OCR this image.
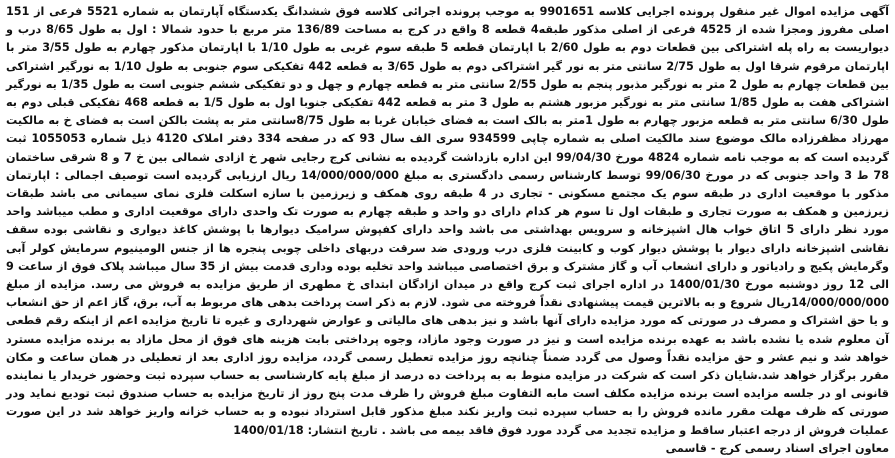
آگهی مزایده اموال غیر منقول پرونده اجرایی کلاسه 9901651 به موجب پرونده اجرائی کلاسه فوق ششدانگ یکدستگاه آپارتمان به شماره 5521 فرعی از 151 اصلی مفروز ومجزا شده از 4525 فرعی از اصلی مذکور طبقه4 قطعه 8 واقع در کرج به مساحت 136/89 متر مربع با حدود شمالا : اول به طول 8/65 درب و دیواریست به راه پله اشتراکی بین قطعات دوم به طول 2/60 با اپارتمان قطعه 5 طبقه سوم غربی به طول 1/10 با اپارتمان مذکور چهارم به طول 3/55 متر با اپارتمان مرقوم شرقا اول به طول 2/75 سانتی متر به نور گیر اشتراکی دوم به طول 3/65 به قطعه 442 تفکیکی سوم جنوبی به طول 1/10 به نورگیر اشتراکی بین قطعات چهارم به طول 2 متر به نورگیر مذبور پنجم به طول 2/55 سانتی متر به قطعه چهارم و چهل و دو تفکیکی ششم جنوبی است به طول 1/35 به نورگیر اشتراکی هفت به طول 1/85 سانتی متر به نورگیر مزبور هشتم به طول 3 متر به قطعه 442 تفکیکی جنوبا اول به طول 1/5 به قطعه 468 تفکیکی قبلی دوم به طول 6/30 سانتی متر به قطعه مزبور چهارم به طول 1متر به بالک است به فضای خیابان غربا به طول 8/75سانتی متر به پشت بالکن است به فضای خ به مالکیت مهرزاد مظفرزاده مالک موضوع سند مالکیت اصلی به شماره چاپی 934599 سری الف سال 93 که در صفحه 334 دفتر املاک 4120 ذیل شماره 1055053 ثبت گردیده است که به موجب نامه شماره 4824 مورخ 99/04/30 این اداره بازداشت گردیده به نشانی کرج رجایی شهر خ ازادی شمالی بین خ 7 و 8 شرقی ساختمان 78 ط 3 واحد جنوبی که در مورخ 99/06/30 توسط کارشناس رسمی دادگستری به مبلغ 14/000/000/000 ریال ارزیابی گردیده است توصیف اجمالی : اپارتمان مذکور با موقعیت اداری در طبقه سوم یک مجتمع مسکونی - تجاری در 4 طبقه روی همکف و زیرزمین با سازه اسکلت فلزی نمای سیمانی می باشد طبقات زیرزمین و همکف به صورت تجاری و طبقات اول تا سوم هر کدام دارای دو واحد و طبقه چهارم به صورت تک واحدی دارای موقعیت اداری و مطب میباشد واحد مورد نظر دارای 5 اتاق خواب هال اشپزخانه و سرویس بهداشتی می باشد واحد دارای کفپوش سرامیک دیوارها با پوشش کاغذ دیواری و نقاشی بوده سقف نقاشی اشپزخانه دارای دیوار با پوشش دیوار کوب و کابینت فلزی درب ورودی ضد سرقت دربهای داخلی چوبی پنجره ها از جنس الومینیوم سرمایش کولر آبی وگرمایش پکیج و رادیاتور و دارای انشعاب آب و گاز مشترک و برق اختصاصی میباشد واحد تخلیه بوده وداری قدمت بیش از 35 سال میباشد پلاک فوق از ساعت 9 الی 12 روز دوشنبه مورخ 1400/01/30 در اداره اجرای ثبت کرج واقع در میدان ازادگان ابتدای خ مطهری از طریق مزایده به فروش می رسد. مزایده از مبلغ 14/000/000/000ریال شروع و به بالاترین قیمت پیشنهادی نقداً فروخته می شود. لازم به ذکر است پرداخت بدهی های مربوط به آب، برق، گاز اعم از حق انشعاب و یا حق اشتراک و مصرف در صورتی که مورد مزایده دارای آنها باشد و نیز بدهی های مالیاتی و عوارض شهرداری و غیره تا تاریخ مزایده اعم از اینکه رقم قطعی آن معلوم شده یا نشده باشد به عهده برنده مزایده است و نیز در صورت وجود مازاد، وجوه پرداختی بابت هزینه های فوق از محل مازاد به برنده مزایده مسترد خواهد شد و نیم عشر و حق مزایده نقداً وصول می گردد ضمناً چنانچه روز مزایده تعطیل رسمی گردد، مزایده روز اداری بعد از تعطیلی در همان ساعت و مکان مقرر برگزار خواهد شد.شایان ذکر است که شرکت در مزایده منوط به به پرداخت ده درصد از مبلغ پایه کارشناسی به حساب سپرده ثبت وحضور خریدار یا نماینده قانونی او در جلسه مزایده است برنده مزایده مکلف است مابه التفاوت مبلغ فروش را ظرف مدت پنج روز از تاریخ مزایده به حساب صندوق ثبت تودیع نماید ودر صورتی که ظرف مهلت مقرر مانده فروش را به حساب سپرده ثبت واریز نکند مبلغ مذکور قابل استرداد نبوده و به حساب خزانه واریز خواهد شد در این صورت عملیات فروش از درجه اعتبار ساقط و مزایده تجدید می گردد مورد فوق فاقد بیمه می باشد . تاریخ انتشار: 1400/01/18

معاون اجرای اسناد رسمی کرج - قاسمی
